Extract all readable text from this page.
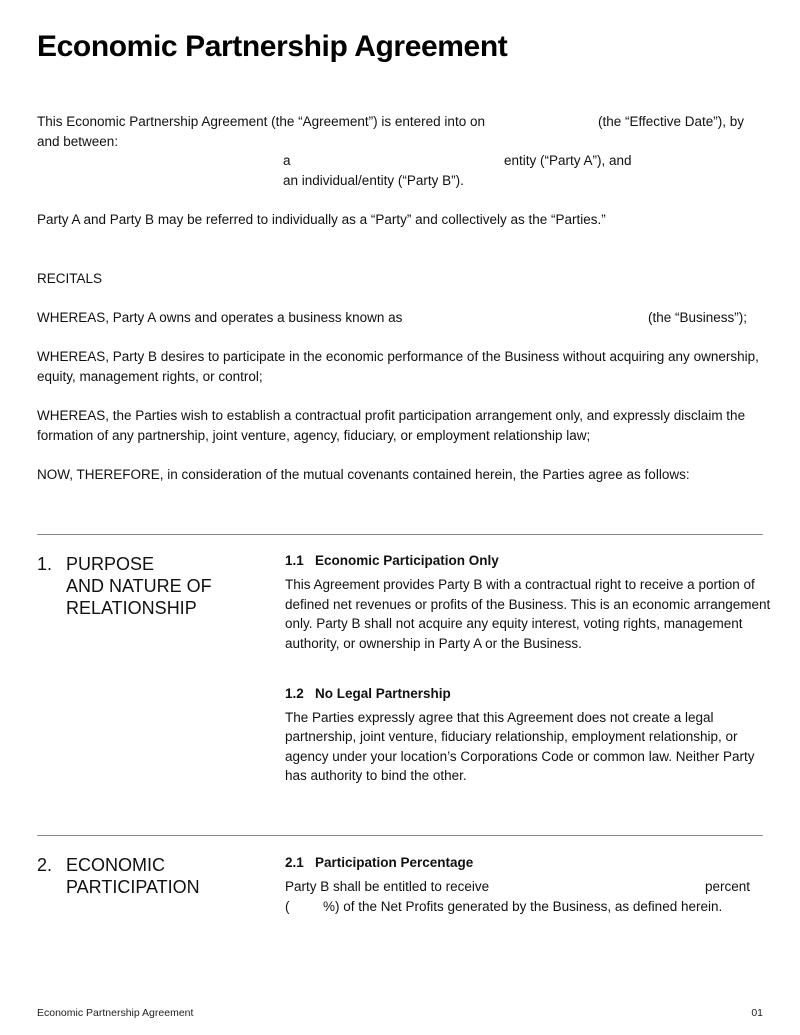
Economic Partnership Agreement

This Economic Partnership Agreement (the “Agreement”) is entered into on	(the “Effective Date”), by

and between:

a	entity (“Party A”), and

an individual/entity (“Party B”).

Party A and Party B may be referred to individually as a “Party” and collectively as the “Parties.”

RECITALS

WHEREAS, Party A owns and operates a business known as	(the “Business”);

WHEREAS, Party B desires to participate in the economic performance of the Business without acquiring any ownership,

equity, management rights, or control;

WHEREAS, the Parties wish to establish a contractual profit participation arrangement only, and expressly disclaim the

formation of any partnership, joint venture, agency, fiduciary, or employment relationship law;

NOW, THEREFORE, in consideration of the mutual covenants contained herein, the Parties agree as follows:

1. PURPOSE
AND NATURE OF
RELATIONSHIP
1.1 Economic Participation Only

This Agreement provides Party B with a contractual right to receive a portion of

defined net revenues or profits of the Business. This is an economic arrangement

only. Party B shall not acquire any equity interest, voting rights, management

authority, or ownership in Party A or the Business.

1.2 No Legal Partnership

The Parties expressly agree that this Agreement does not create a legal

partnership, joint venture, fiduciary relationship, employment relationship, or

agency under your location’s Corporations Code or common law. Neither Party

has authority to bind the other.

2. ECONOMIC
PARTICIPATION
2.1 Participation Percentage

Party B shall be entitled to receive	percent

( %) of the Net Profits generated by the Business, as defined herein.

Economic Partnership Agreement	01
